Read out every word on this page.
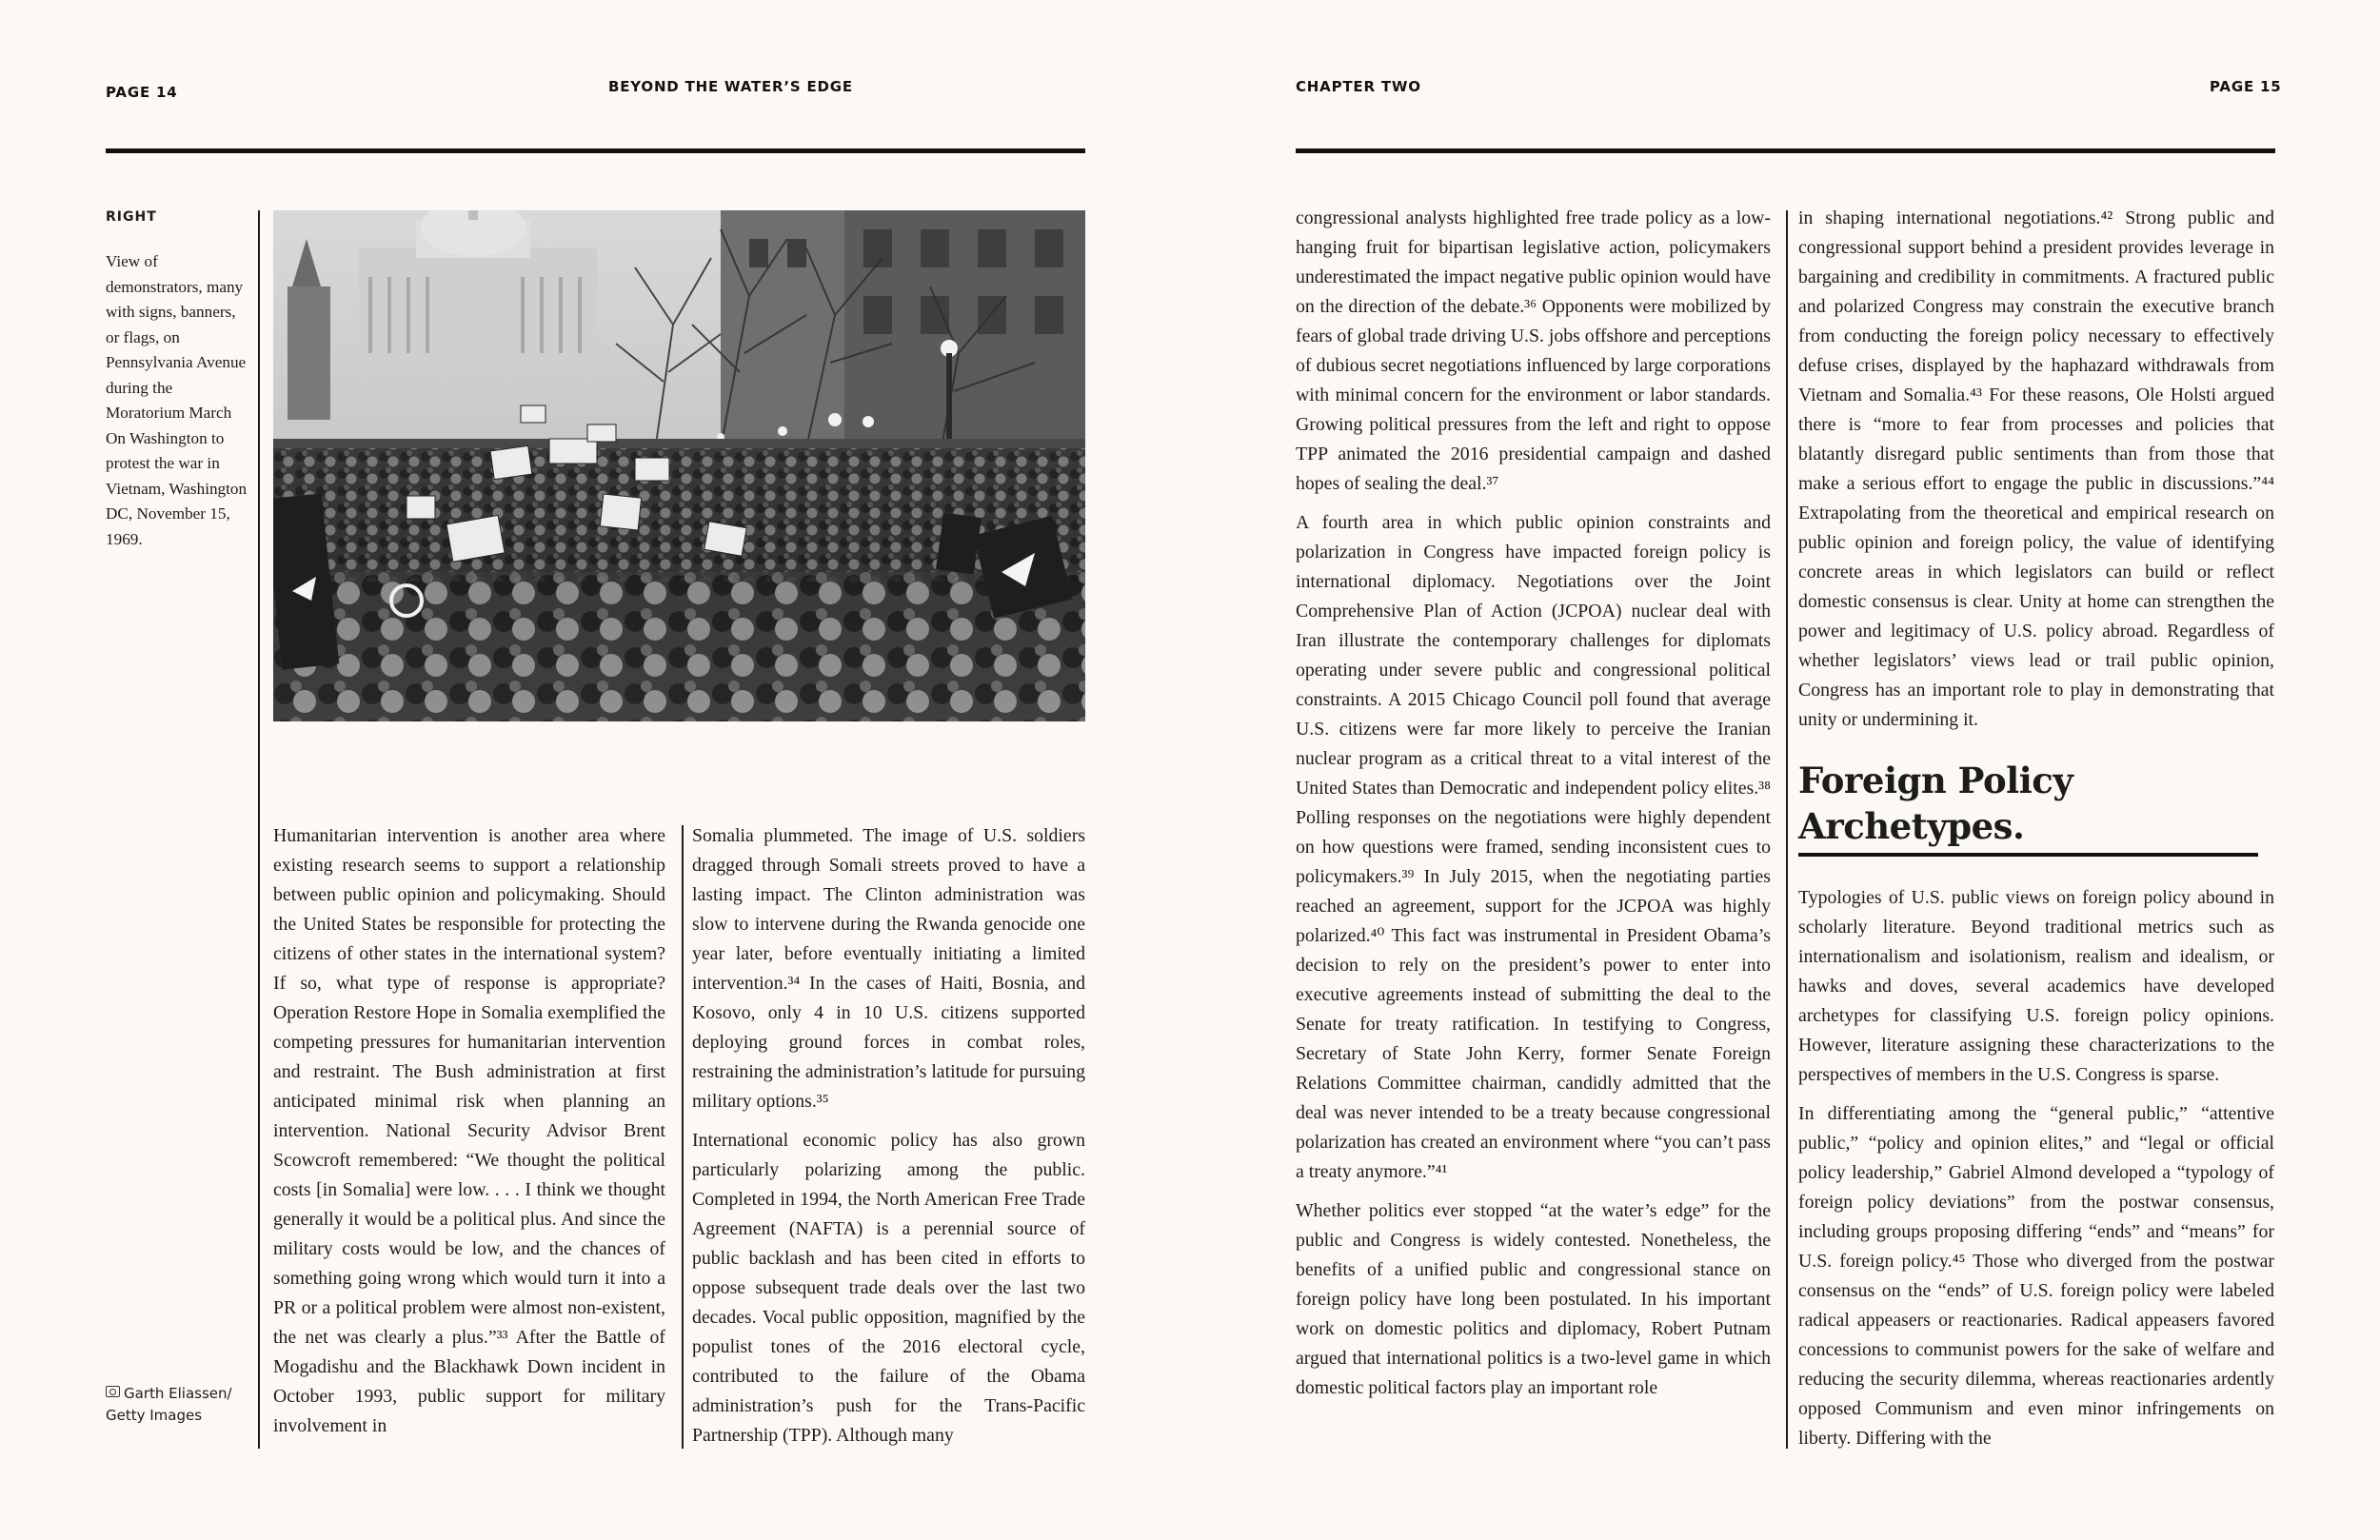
PAGE 14	BEYOND THE WATER’S EDGE	CHAPTER TWO	PAGE 15
RIGHT
View of demonstrators, many with signs, banners, or flags, on Pennsylvania Avenue during the Moratorium March On Washington to protest the war in Vietnam, Washington DC, November 15, 1969.
Garth Eliassen/ Getty Images

Humanitarian intervention is another area where existing research seems to support a relationship between public opinion and policymaking. Should the United States be responsible for protecting the citizens of other states in the international system? If so, what type of response is appropriate? Operation Restore Hope in Somalia exemplified the competing pressures for humanitarian intervention and restraint. The Bush administration at first anticipated minimal risk when planning an intervention. National Security Advisor Brent Scowcroft remembered: “We thought the political costs [in Somalia] were low. . . . I think we thought generally it would be a political plus. And since the military costs would be low, and the chances of something going wrong which would turn it into a PR or a political problem were almost non-existent, the net was clearly a plus.”³³ After the Battle of Mogadishu and the Blackhawk Down incident in October 1993, public support for military involvement in

Somalia plummeted. The image of U.S. soldiers dragged through Somali streets proved to have a lasting impact. The Clinton administration was slow to intervene during the Rwanda genocide one year later, before eventually initiating a limited intervention.³⁴ In the cases of Haiti, Bosnia, and Kosovo, only 4 in 10 U.S. citizens supported deploying ground forces in combat roles, restraining the administration’s latitude for pursuing military options.³⁵

International economic policy has also grown particularly polarizing among the public. Completed in 1994, the North American Free Trade Agreement (NAFTA) is a perennial source of public backlash and has been cited in efforts to oppose subsequent trade deals over the last two decades. Vocal public opposition, magnified by the populist tones of the 2016 electoral cycle, contributed to the failure of the Obama administration’s push for the Trans-Pacific Partnership (TPP). Although many

congressional analysts highlighted free trade policy as a low-hanging fruit for bipartisan legislative action, policymakers underestimated the impact negative public opinion would have on the direction of the debate.³⁶ Opponents were mobilized by fears of global trade driving U.S. jobs offshore and perceptions of dubious secret negotiations influenced by large corporations with minimal concern for the environment or labor standards. Growing political pressures from the left and right to oppose TPP animated the 2016 presidential campaign and dashed hopes of sealing the deal.³⁷

A fourth area in which public opinion constraints and polarization in Congress have impacted foreign policy is international diplomacy. Negotiations over the Joint Comprehensive Plan of Action (JCPOA) nuclear deal with Iran illustrate the contemporary challenges for diplomats operating under severe public and congressional political constraints. A 2015 Chicago Council poll found that average U.S. citizens were far more likely to perceive the Iranian nuclear program as a critical threat to a vital interest of the United States than Democratic and independent policy elites.³⁸ Polling responses on the negotiations were highly dependent on how questions were framed, sending inconsistent cues to policymakers.³⁹ In July 2015, when the negotiating parties reached an agreement, support for the JCPOA was highly polarized.⁴⁰ This fact was instrumental in President Obama’s decision to rely on the president’s power to enter into executive agreements instead of submitting the deal to the Senate for treaty ratification. In testifying to Congress, Secretary of State John Kerry, former Senate Foreign Relations Committee chairman, candidly admitted that the deal was never intended to be a treaty because congressional polarization has created an environment where “you can’t pass a treaty anymore.”⁴¹

Whether politics ever stopped “at the water’s edge” for the public and Congress is widely contested. Nonetheless, the benefits of a unified public and congressional stance on foreign policy have long been postulated. In his important work on domestic politics and diplomacy, Robert Putnam argued that international politics is a two-level game in which domestic political factors play an important role

in shaping international negotiations.⁴² Strong public and congressional support behind a president provides leverage in bargaining and credibility in commitments. A fractured public and polarized Congress may constrain the executive branch from conducting the foreign policy necessary to effectively defuse crises, displayed by the haphazard withdrawals from Vietnam and Somalia.⁴³ For these reasons, Ole Holsti argued there is “more to fear from processes and policies that blatantly disregard public sentiments than from those that make a serious effort to engage the public in discussions.”⁴⁴ Extrapolating from the theoretical and empirical research on public opinion and foreign policy, the value of identifying concrete areas in which legislators can build or reflect domestic consensus is clear. Unity at home can strengthen the power and legitimacy of U.S. policy abroad. Regardless of whether legislators’ views lead or trail public opinion, Congress has an important role to play in demonstrating that unity or undermining it.

Foreign Policy Archetypes.

Typologies of U.S. public views on foreign policy abound in scholarly literature. Beyond traditional metrics such as internationalism and isolationism, realism and idealism, or hawks and doves, several academics have developed archetypes for classifying U.S. foreign policy opinions. However, literature assigning these characterizations to the perspectives of members in the U.S. Congress is sparse.

In differentiating among the “general public,” “attentive public,” “policy and opinion elites,” and “legal or official policy leadership,” Gabriel Almond developed a “typology of foreign policy deviations” from the postwar consensus, including groups proposing differing “ends” and “means” for U.S. foreign policy.⁴⁵ Those who diverged from the postwar consensus on the “ends” of U.S. foreign policy were labeled radical appeasers or reactionaries. Radical appeasers favored concessions to communist powers for the sake of welfare and reducing the security dilemma, whereas reactionaries ardently opposed Communism and even minor infringements on liberty. Differing with the
